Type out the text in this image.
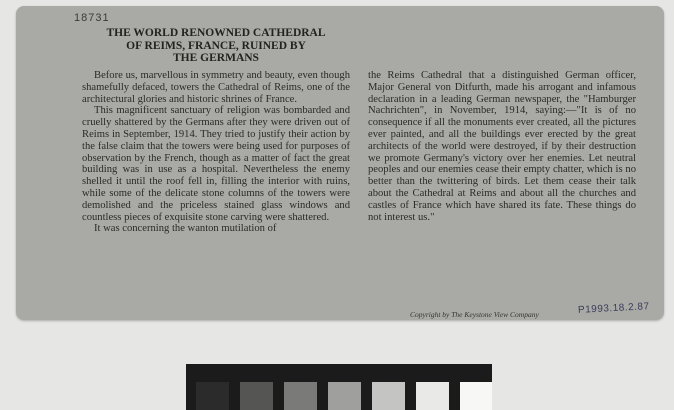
18731
THE WORLD RENOWNED CATHEDRAL
OF REIMS, FRANCE, RUINED BY
THE GERMANS

Before us, marvellous in symmetry and beauty, even though shamefully defaced, towers the Cathedral of Reims, one of the architectural glories and historic shrines of France.

This magnificent sanctuary of religion was bombarded and cruelly shattered by the Germans after they were driven out of Reims in September, 1914. They tried to justify their action by the false claim that the towers were being used for purposes of observation by the French, though as a matter of fact the great building was in use as a hospital. Nevertheless the enemy shelled it until the roof fell in, filling the interior with ruins, while some of the delicate stone columns of the towers were demolished and the priceless stained glass windows and countless pieces of exquisite stone carving were shattered.

It was concerning the wanton mutilation of

the Reims Cathedral that a distinguished German officer, Major General von Ditfurth, made his arrogant and infamous declaration in a leading German newspaper, the "Hamburger Nachrichten", in November, 1914, saying:—"It is of no consequence if all the monuments ever created, all the pictures ever painted, and all the buildings ever erected by the great architects of the world were destroyed, if by their destruction we promote Germany's victory over her enemies. Let neutral peoples and our enemies cease their empty chatter, which is no better than the twittering of birds. Let them cease their talk about the Cathedral at Reims and about all the churches and castles of France which have shared its fate. These things do not interest us."

Copyright by The Keystone View Company	P1993.18.2.87
